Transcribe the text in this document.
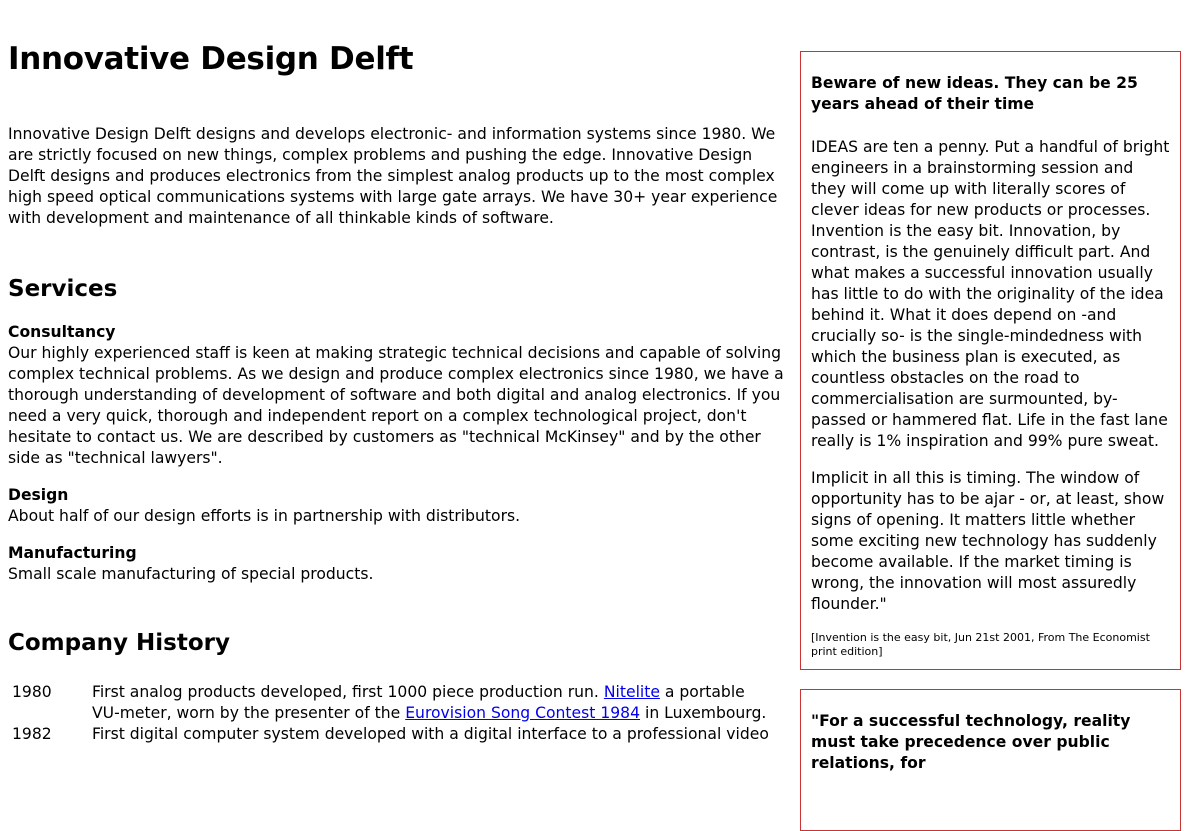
Innovative Design Delft

Innovative Design Delft designs and develops electronic- and information systems since 1980. We are strictly focused on new things, complex problems and pushing the edge. Innovative Design Delft designs and produces electronics from the simplest analog products up to the most complex high speed optical communications systems with large gate arrays. We have 30+ year experience with development and maintenance of all thinkable kinds of software.

Services
Consultancy
Our highly experienced staff is keen at making strategic technical decisions and capable of solving complex technical problems. As we design and produce complex electronics since 1980, we have a thorough understanding of development of software and both digital and analog electronics. If you need a very quick, thorough and independent report on a complex technological project, don't hesitate to contact us. We are described by customers as "technical McKinsey" and by the other side as "technical lawyers".
Design
About half of our design efforts is in partnership with distributors.
Manufacturing
Small scale manufacturing of special products.
Company History
1980	First analog products developed, first 1000 piece production run. Nitelite a portable VU-meter, worn by the presenter of the Eurovision Song Contest 1984 in Luxembourg.
1982	First digital computer system developed with a digital interface to a professional video
Beware of new ideas. They can be 25 years ahead of their time
IDEAS are ten a penny. Put a handful of bright engineers in a brainstorming session and they will come up with literally scores of clever ideas for new products or processes. Invention is the easy bit. Innovation, by contrast, is the genuinely difficult part. And what makes a successful innovation usually has little to do with the originality of the idea behind it. What it does depend on -and crucially so- is the single-mindedness with which the business plan is executed, as countless obstacles on the road to commercialisation are surmounted, by-passed or hammered flat. Life in the fast lane really is 1% inspiration and 99% pure sweat.
Implicit in all this is timing. The window of opportunity has to be ajar - or, at least, show signs of opening. It matters little whether some exciting new technology has suddenly become available. If the market timing is wrong, the innovation will most assuredly flounder."
[Invention is the easy bit, Jun 21st 2001, From The Economist print edition]
"For a successful technology, reality must take precedence over public relations, for
